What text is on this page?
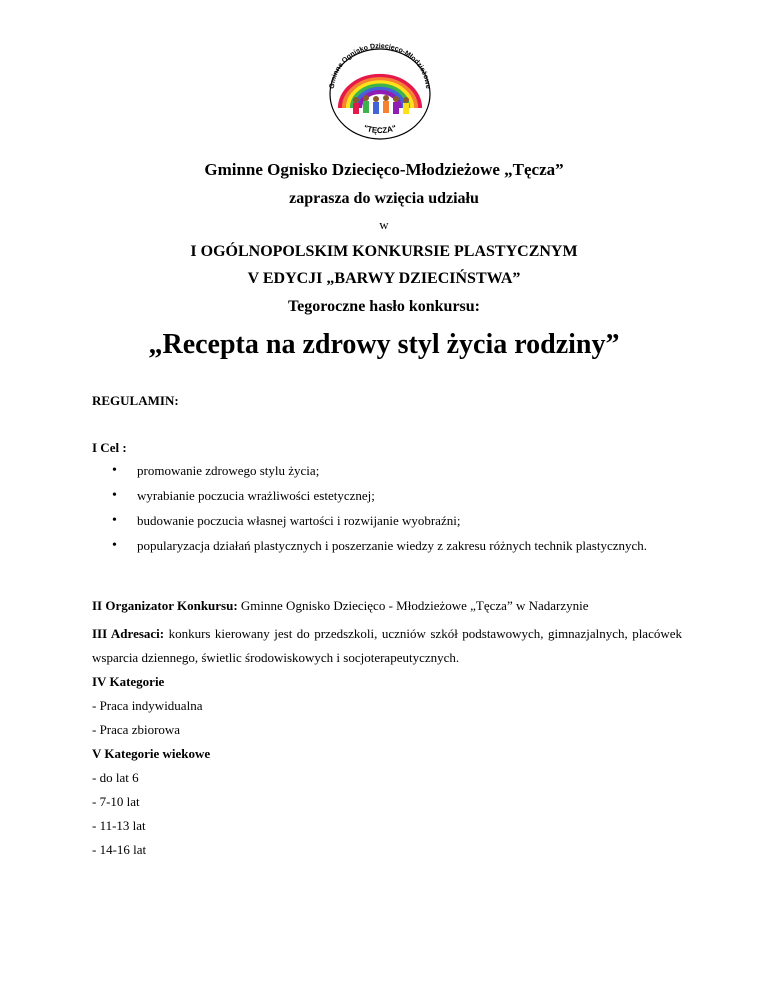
Gminne Ognisko Dziecięco-Młodzieżowe
"TĘCZA"
Gminne Ognisko Dziecięco-Młodzieżowe „Tęcza”
zaprasza do wzięcia udziału
w
I OGÓLNOPOLSKIM KONKURSIE PLASTYCZNYM
V EDYCJI „BARWY DZIECIŃSTWA”
Tegoroczne hasło konkursu:
„Recepta na zdrowy styl życia rodziny”
REGULAMIN:
I Cel :
• promowanie zdrowego stylu życia;
• wyrabianie poczucia wrażliwości estetycznej;
• budowanie poczucia własnej wartości i rozwijanie wyobraźni;
• popularyzacja działań plastycznych i poszerzanie wiedzy z zakresu różnych technik plastycznych.
II Organizator Konkursu: Gminne Ognisko Dziecięco - Młodzieżowe „Tęcza” w Nadarzynie
III Adresaci: konkurs kierowany jest do przedszkoli, uczniów szkół podstawowych, gimnazjalnych, placówek wsparcia dziennego, świetlic środowiskowych i socjoterapeutycznych.
IV Kategorie
- Praca indywidualna
- Praca zbiorowa
V Kategorie wiekowe
- do lat 6
- 7-10 lat
- 11-13 lat
- 14-16 lat
